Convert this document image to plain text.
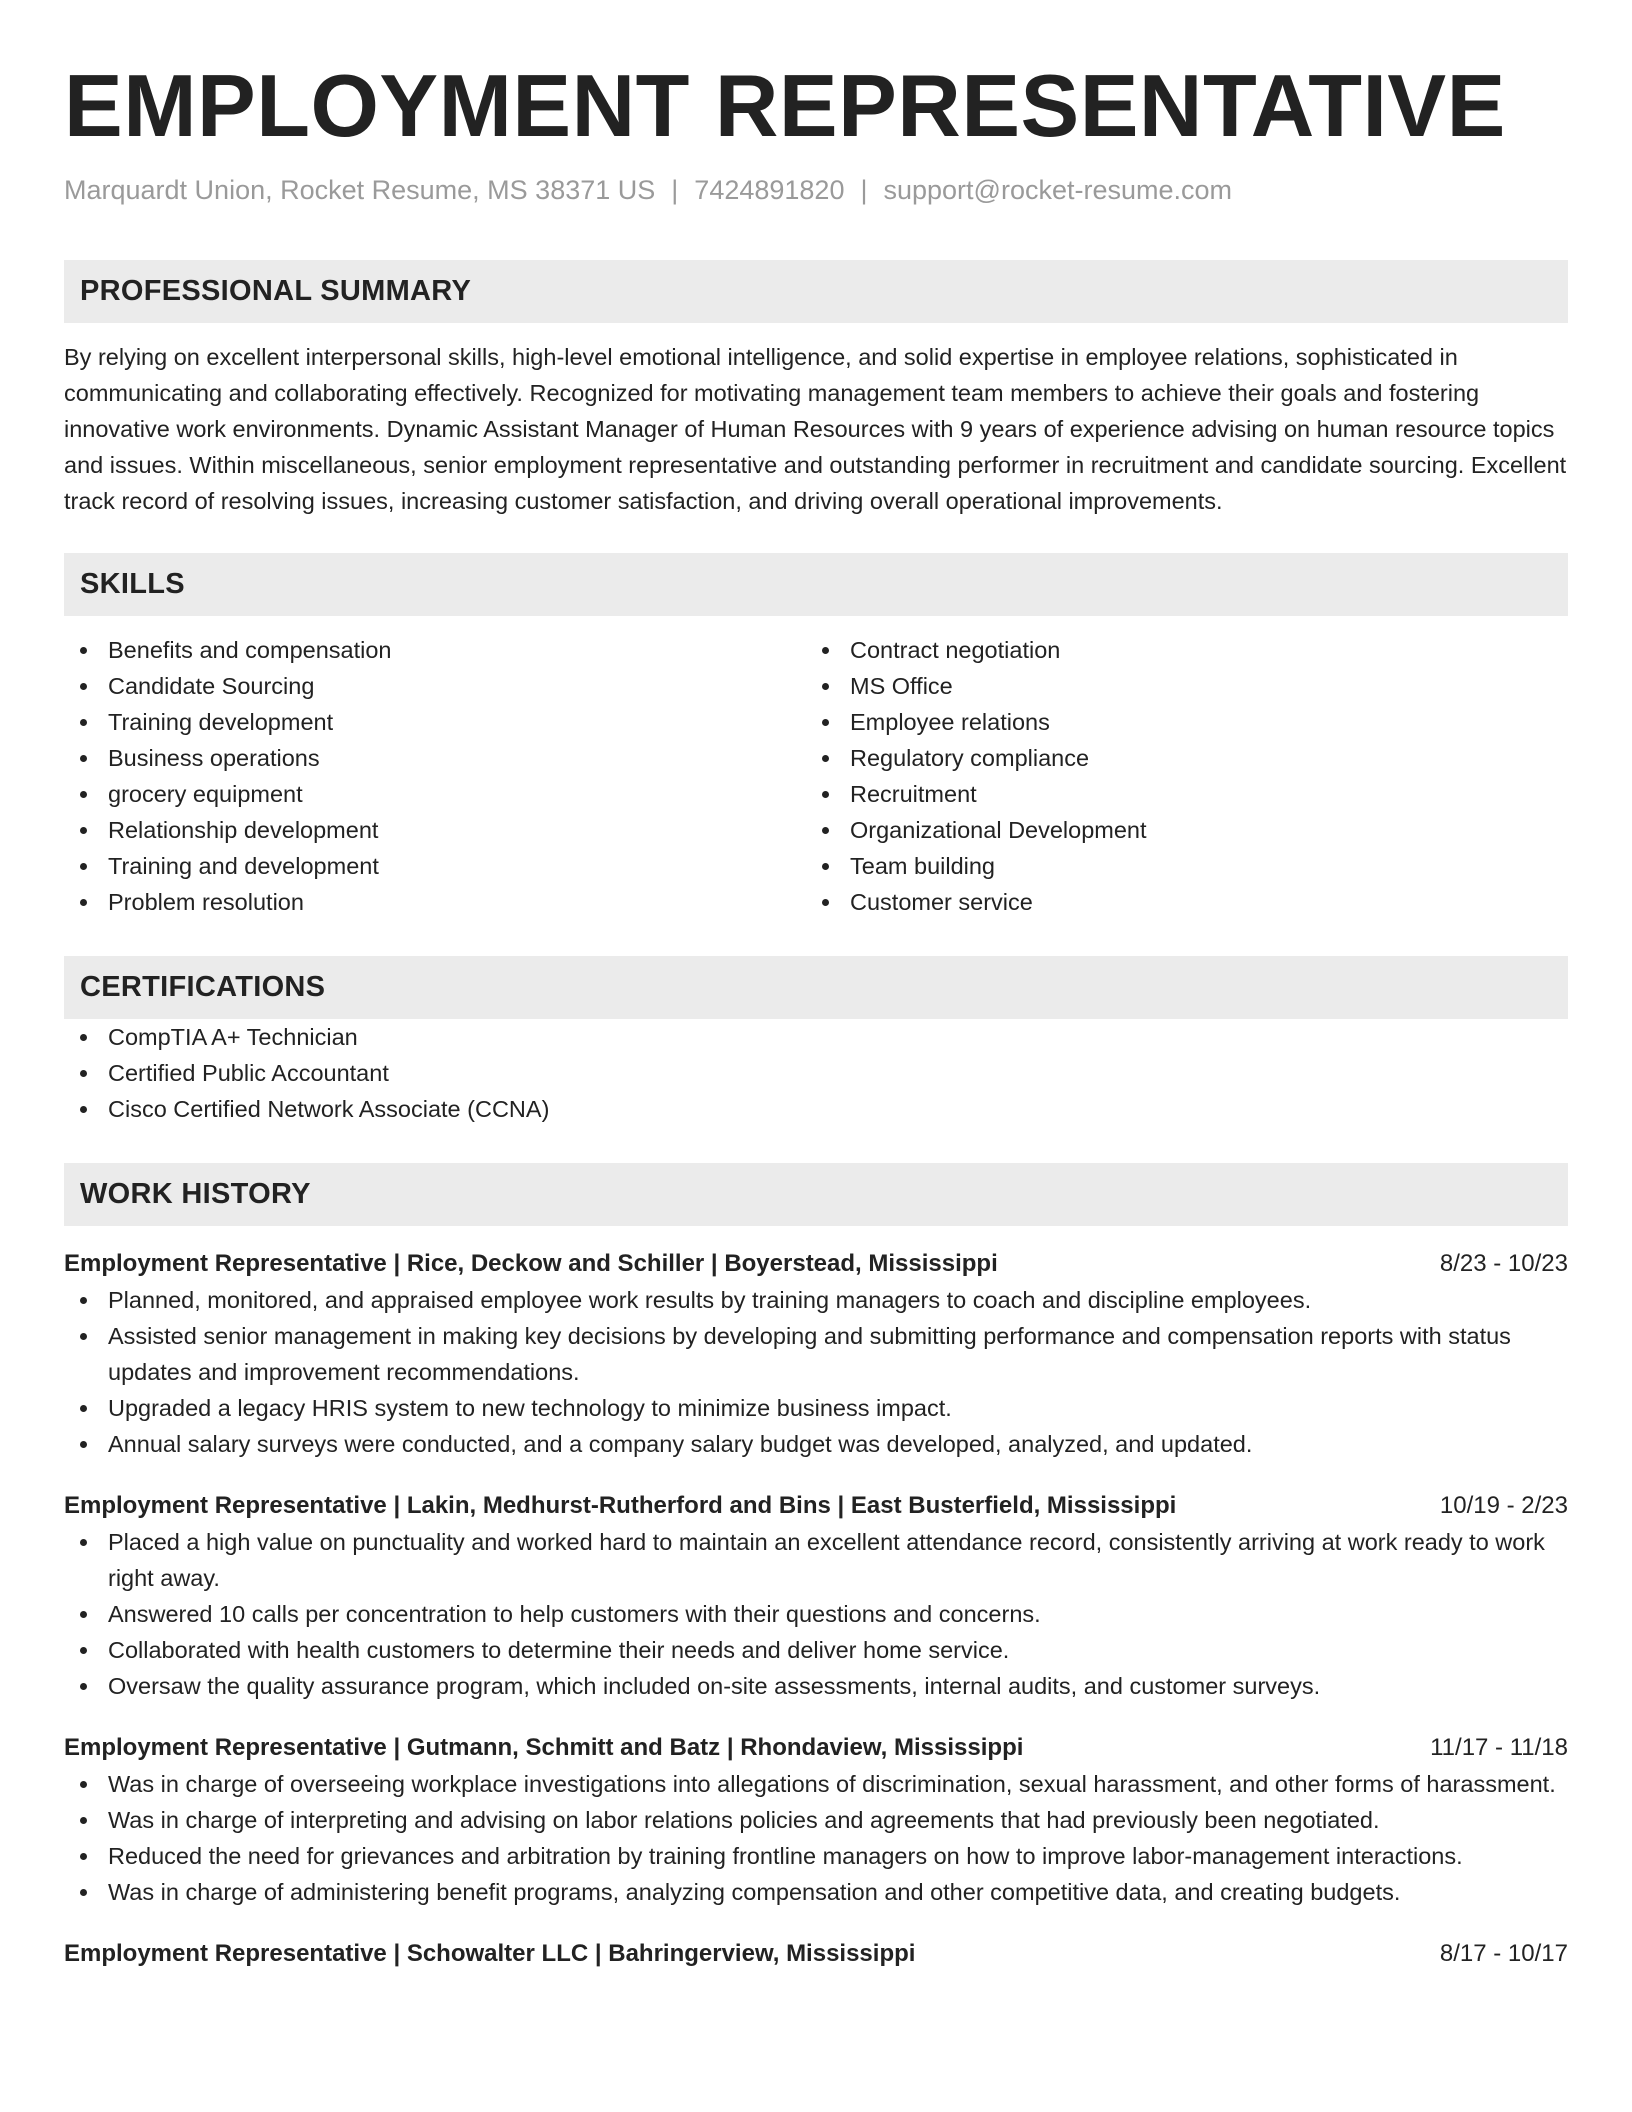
EMPLOYMENT REPRESENTATIVE
Marquardt Union, Rocket Resume, MS 38371 US | 7424891820 | support@rocket-resume.com
PROFESSIONAL SUMMARY
By relying on excellent interpersonal skills, high-level emotional intelligence, and solid expertise in employee relations, sophisticated in communicating and collaborating effectively. Recognized for motivating management team members to achieve their goals and fostering innovative work environments. Dynamic Assistant Manager of Human Resources with 9 years of experience advising on human resource topics and issues. Within miscellaneous, senior employment representative and outstanding performer in recruitment and candidate sourcing. Excellent track record of resolving issues, increasing customer satisfaction, and driving overall operational improvements.
SKILLS
Benefits and compensation
Candidate Sourcing
Training development
Business operations
grocery equipment
Relationship development
Training and development
Problem resolution
Contract negotiation
MS Office
Employee relations
Regulatory compliance
Recruitment
Organizational Development
Team building
Customer service
CERTIFICATIONS
CompTIA A+ Technician
Certified Public Accountant
Cisco Certified Network Associate (CCNA)
WORK HISTORY
Employment Representative | Rice, Deckow and Schiller | Boyerstead, Mississippi	8/23 - 10/23
Planned, monitored, and appraised employee work results by training managers to coach and discipline employees.
Assisted senior management in making key decisions by developing and submitting performance and compensation reports with status updates and improvement recommendations.
Upgraded a legacy HRIS system to new technology to minimize business impact.
Annual salary surveys were conducted, and a company salary budget was developed, analyzed, and updated.
Employment Representative | Lakin, Medhurst-Rutherford and Bins | East Busterfield, Mississippi	10/19 - 2/23
Placed a high value on punctuality and worked hard to maintain an excellent attendance record, consistently arriving at work ready to work right away.
Answered 10 calls per concentration to help customers with their questions and concerns.
Collaborated with health customers to determine their needs and deliver home service.
Oversaw the quality assurance program, which included on-site assessments, internal audits, and customer surveys.
Employment Representative | Gutmann, Schmitt and Batz | Rhondaview, Mississippi	11/17 - 11/18
Was in charge of overseeing workplace investigations into allegations of discrimination, sexual harassment, and other forms of harassment.
Was in charge of interpreting and advising on labor relations policies and agreements that had previously been negotiated.
Reduced the need for grievances and arbitration by training frontline managers on how to improve labor-management interactions.
Was in charge of administering benefit programs, analyzing compensation and other competitive data, and creating budgets.
Employment Representative | Schowalter LLC | Bahringerview, Mississippi	8/17 - 10/17
